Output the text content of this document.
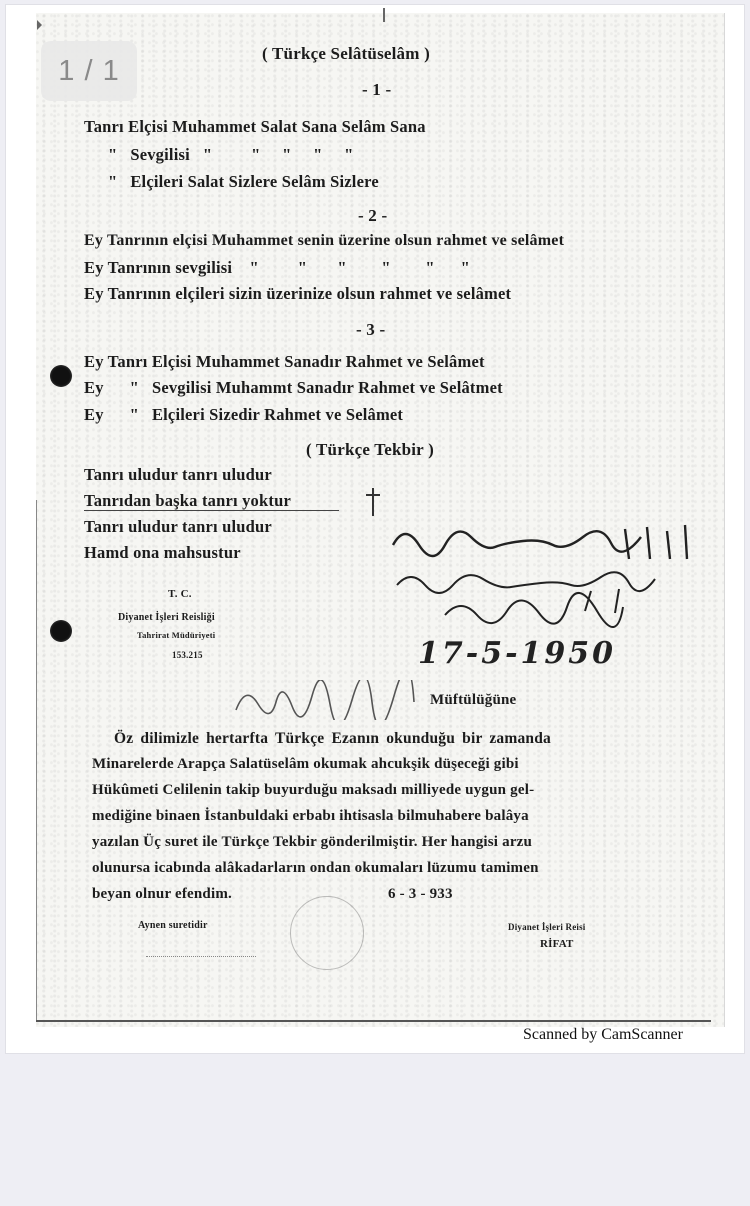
( Türkçe Selâtüselâm )
- 1 -
Tanrı Elçisi Muhammet Salat Sana Selâm Sana
"   Sevgilisi   "         "     "     "     "
"   Elçileri Salat Sizlere Selâm Sizlere
- 2 -
Ey Tanrının elçisi Muhammet senin üzerine olsun rahmet ve selâmet
Ey Tanrının sevgilisi    "         "       "        "        "      "
Ey Tanrının elçileri sizin üzerinize olsun rahmet ve selâmet
- 3 -
Ey Tanrı Elçisi Muhammet Sanadır Rahmet ve Selâmet
Ey      "   Sevgilisi Muhammt Sanadır Rahmet ve Selâtmet
Ey      "   Elçileri Sizedir Rahmet ve Selâmet
( Türkçe Tekbir )
Tanrı uludur tanrı uludur
Tanrıdan başka tanrı yoktur
Tanrı uludur tanrı uludur
Hamd ona mahsustur
T. C.
Diyanet İşleri Reisliği
Tahrirat Müdüriyeti
153.215	17-5-1950
Müftülüğüne
Öz dilimizle hertarfta Türkçe Ezanın okunduğu bir zamanda
Minarelerde Arapça Salatüselâm okumak ahcukşik düşeceği gibi
Hükûmeti Celilenin takip buyurduğu maksadı milliyede uygun gel-
mediğine binaen İstanbuldaki erbabı ihtisasla bilmuhabere balâya
yazılan Üç suret ile Türkçe Tekbir gönderilmiştir. Her hangisi arzu
olunursa icabında alâkadarların ondan okumaları lüzumu tamimen
beyan olnur efendim.	6 - 3 - 933
Aynen suretidir	Diyanet İşleri Reisi
RİFAT
1 / 1
Scanned by CamScanner
